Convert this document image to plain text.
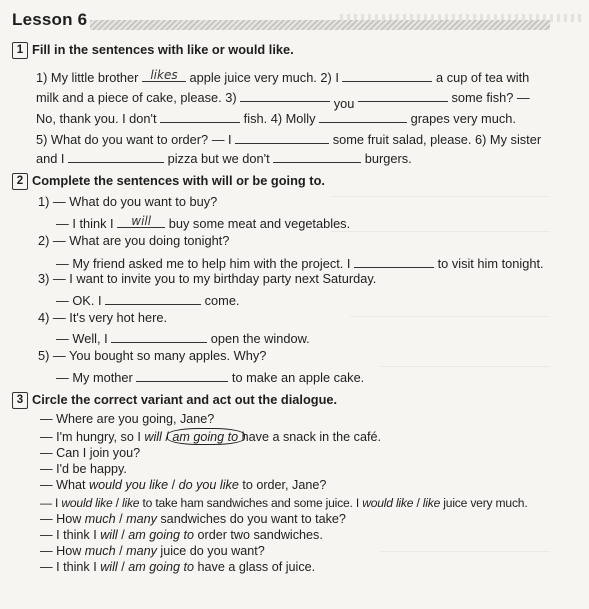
Lesson 6
1 Fill in the sentences with like or would like.
1) My little brother likes apple juice very much. 2) I	a cup of tea with
milk and a piece of cake, please. 3)	you	some fish? —
No, thank you. I don't	fish. 4) Molly	grapes very much.
5) What do you want to order? — I	some fruit salad, please. 6) My sister
and I	pizza but we don't	burgers.
2 Complete the sentences with will or be going to.
1) — What do you want to buy?
— I think I	will	buy some meat and vegetables.
2) — What are you doing tonight?
— My friend asked me to help him with the project. I	to visit him tonight.
3) — I want to invite you to my birthday party next Saturday.
— OK. I	come.
4) — It's very hot here.
— Well, I	open the window.
5) — You bought so many apples. Why?
— My mother	to make an apple cake.
3 Circle the correct variant and act out the dialogue.
— Where are you going, Jane?
— I'm hungry, so I will / am going to
have a snack in the café.
— Can I join you?
— I'd be happy.
— What would you like / do you like to order, Jane?
— I would like / like to take ham sandwiches and some juice. I would like / like juice very much.
— How much / many sandwiches do you want to take?
— I think I will / am going to order two sandwiches.
— How much / many juice do you want?
— I think I will / am going to have a glass of juice.
